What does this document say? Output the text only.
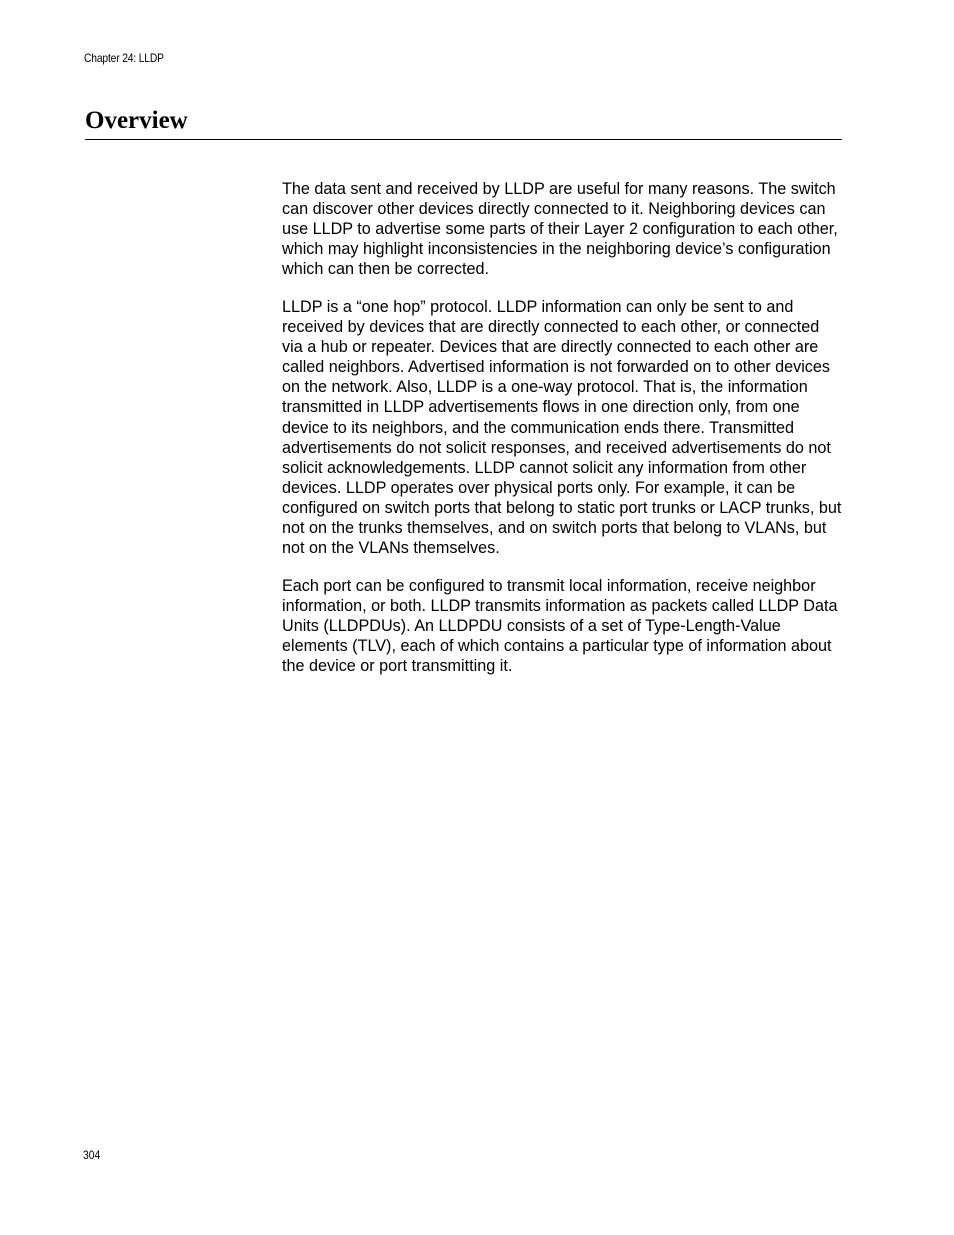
Chapter 24: LLDP
Overview

The data sent and received by LLDP are useful for many reasons. The switch can discover other devices directly connected to it. Neighboring devices can use LLDP to advertise some parts of their Layer 2 configuration to each other, which may highlight inconsistencies in the neighboring device’s configuration which can then be corrected.

LLDP is a “one hop” protocol. LLDP information can only be sent to and received by devices that are directly connected to each other, or connected via a hub or repeater. Devices that are directly connected to each other are called neighbors. Advertised information is not forwarded on to other devices on the network. Also, LLDP is a one-way protocol. That is, the information transmitted in LLDP advertisements flows in one direction only, from one device to its neighbors, and the communication ends there. Transmitted advertisements do not solicit responses, and received advertisements do not solicit acknowledgements. LLDP cannot solicit any information from other devices. LLDP operates over physical ports only. For example, it can be configured on switch ports that belong to static port trunks or LACP trunks, but not on the trunks themselves, and on switch ports that belong to VLANs, but not on the VLANs themselves.

Each port can be configured to transmit local information, receive neighbor information, or both. LLDP transmits information as packets called LLDP Data Units (LLDPDUs). An LLDPDU consists of a set of Type-Length-Value elements (TLV), each of which contains a particular type of information about the device or port transmitting it.

304
